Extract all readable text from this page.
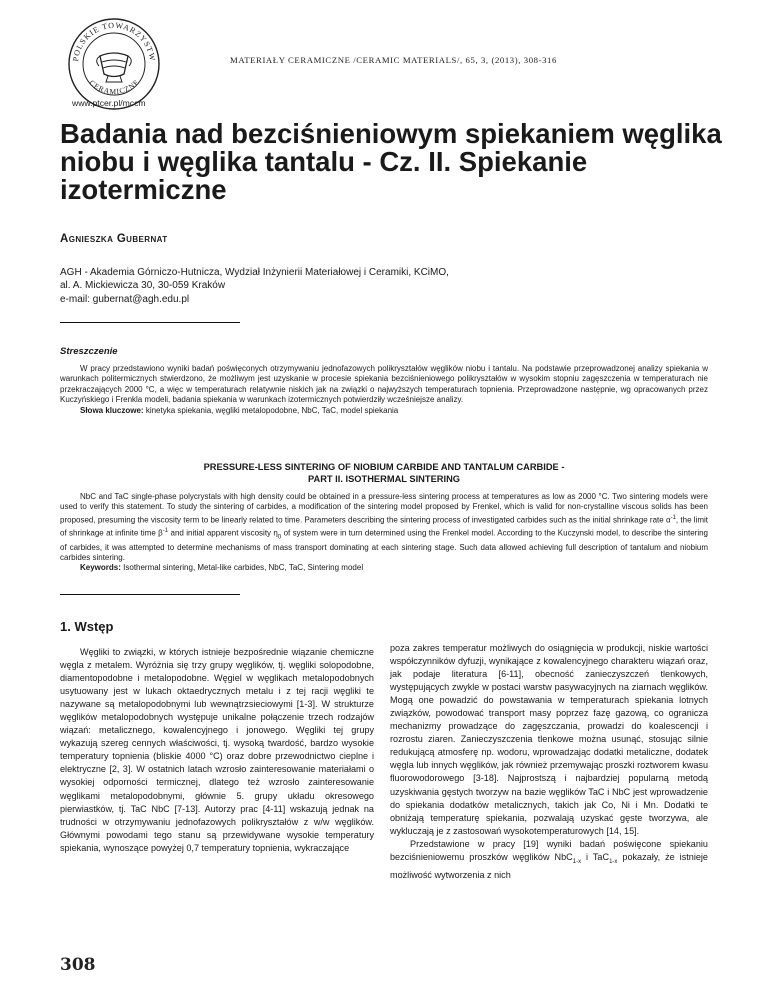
POLSKIE TOWARZYSTW
CERAMICZNE
MATERIAŁY CERAMICZNE /CERAMIC MATERIALS/, 65, 3, (2013), 308-316
www.ptcer.pl/mccm
Badania nad bezciśnieniowym spiekaniem węglika niobu i węglika tantalu - Cz. II. Spiekanie izotermiczne
Agnieszka Gubernat
AGH - Akademia Górniczo-Hutnicza, Wydział Inżynierii Materiałowej i Ceramiki, KCiMO,
al. A. Mickiewicza 30, 30-059 Kraków
e-mail: gubernat@agh.edu.pl
Streszczenie

W pracy przedstawiono wyniki badań poświęconych otrzymywaniu jednofazowych polikryształów węglików niobu i tantalu. Na podstawie przeprowadzonej analizy spiekania w warunkach politermicznych stwierdzono, że możliwym jest uzyskanie w procesie spiekania bezciśnieniowego polikryształów w wysokim stopniu zagęszczenia w temperaturach nie przekraczających 2000 °C, a więc w temperaturach relatywnie niskich jak na związki o najwyższych temperaturach topnienia. Przeprowadzone następnie, wg opracowanych przez Kuczyńskiego i Frenkla modeli, badania spiekania w warunkach izotermicznych potwierdziły wcześniejsze analizy.

Słowa kluczowe: kinetyka spiekania, węgliki metalopodobne, NbC, TaC, model spiekania

PRESSURE-LESS SINTERING OF NIOBIUM CARBIDE AND TANTALUM CARBIDE -
PART II. ISOTHERMAL SINTERING

NbC and TaC single-phase polycrystals with high density could be obtained in a pressure-less sintering process at temperatures as low as 2000 °C. Two sintering models were used to verify this statement. To study the sintering of carbides, a modification of the sintering model proposed by Frenkel, which is valid for non-crystalline viscous solids has been proposed, presuming the viscosity term to be linearly related to time. Parameters describing the sintering process of investigated carbides such as the initial shrinkage rate $\alpha^{-1}$, the limit of shrinkage at infinite time $\beta^{-1}$ and initial apparent viscosity $\eta_0$ of system were in turn determined using the Frenkel model. According to the Kuczynski model, to describe the sintering of carbides, it was attempted to determine mechanisms of mass transport dominating at each sintering stage. Such data allowed achieving full description of tantalum and niobium carbides sintering.

Keywords: Isothermal sintering, Metal-like carbides, NbC, TaC, Sintering model

1. Wstęp

Węgliki to związki, w których istnieje bezpośrednie wiązanie chemiczne węgla z metalem. Wyróżnia się trzy grupy węglików, tj. węgliki solopodobne, diamentopodobne i metalopodobne. Węgiel w węglikach metalopodobnych usytuowany jest w lukach oktaedrycznych metalu i z tej racji węgliki te nazywane są metalopodobnymi lub wewnątrzsieciowymi [1-3]. W strukturze węglików metalopodobnych występuje unikalne połączenie trzech rodzajów wiązań: metalicznego, kowalencyjnego i jonowego. Węgliki tej grupy wykazują szereg cennych właściwości, tj. wysoką twardość, bardzo wysokie temperatury topnienia (bliskie 4000 °C) oraz dobre przewodnictwo cieplne i elektryczne [2, 3]. W ostatnich latach wzrosło zainteresowanie materiałami o wysokiej odporności termicznej, dlatego też wzrosło zainteresowanie węglikami metalopodobnymi, głównie 5. grupy układu okresowego pierwiastków, tj. TaC NbC [7-13]. Autorzy prac [4-11] wskazują jednak na trudności w otrzymywaniu jednofazowych polikryształów z w/w węglików. Głównymi powodami tego stanu są przewidywane wysokie temperatury spiekania, wynoszące powyżej 0,7 temperatury topnienia, wykraczające

poza zakres temperatur możliwych do osiągnięcia w produkcji, niskie wartości współczynników dyfuzji, wynikające z kowalencyjnego charakteru wiązań oraz, jak podaje literatura [6-11], obecność zanieczyszczeń tlenkowych, występujących zwykle w postaci warstw pasywacyjnych na ziarnach węglików. Mogą one powadzić do powstawania w temperaturach spiekania lotnych związków, powodować transport masy poprzez fazę gazową, co ogranicza mechanizmy prowadzące do zagęszczania, prowadzi do koalescencji i rozrostu ziaren. Zanieczyszczenia tlenkowe można usunąć, stosując silnie redukującą atmosferę np. wodoru, wprowadzając dodatki metaliczne, dodatek węgla lub innych węglików, jak również przemywając proszki roztworem kwasu fluorowodorowego [3-18]. Najprostszą i najbardziej popularną metodą uzyskiwania gęstych tworzyw na bazie węglików TaC i NbC jest wprowadzenie do spiekania dodatków metalicznych, takich jak Co, Ni i Mn. Dodatki te obniżają temperaturę spiekania, pozwalają uzyskać gęste tworzywa, ale wykluczają je z zastosowań wysokotemperaturowych [14, 15].

Przedstawione w pracy [19] wyniki badań poświęcone spiekaniu bezciśnieniowemu proszków węglików NbC$_{1-x}$ i TaC$_{1-x}$ pokazały, że istnieje możliwość wytworzenia z nich

308
